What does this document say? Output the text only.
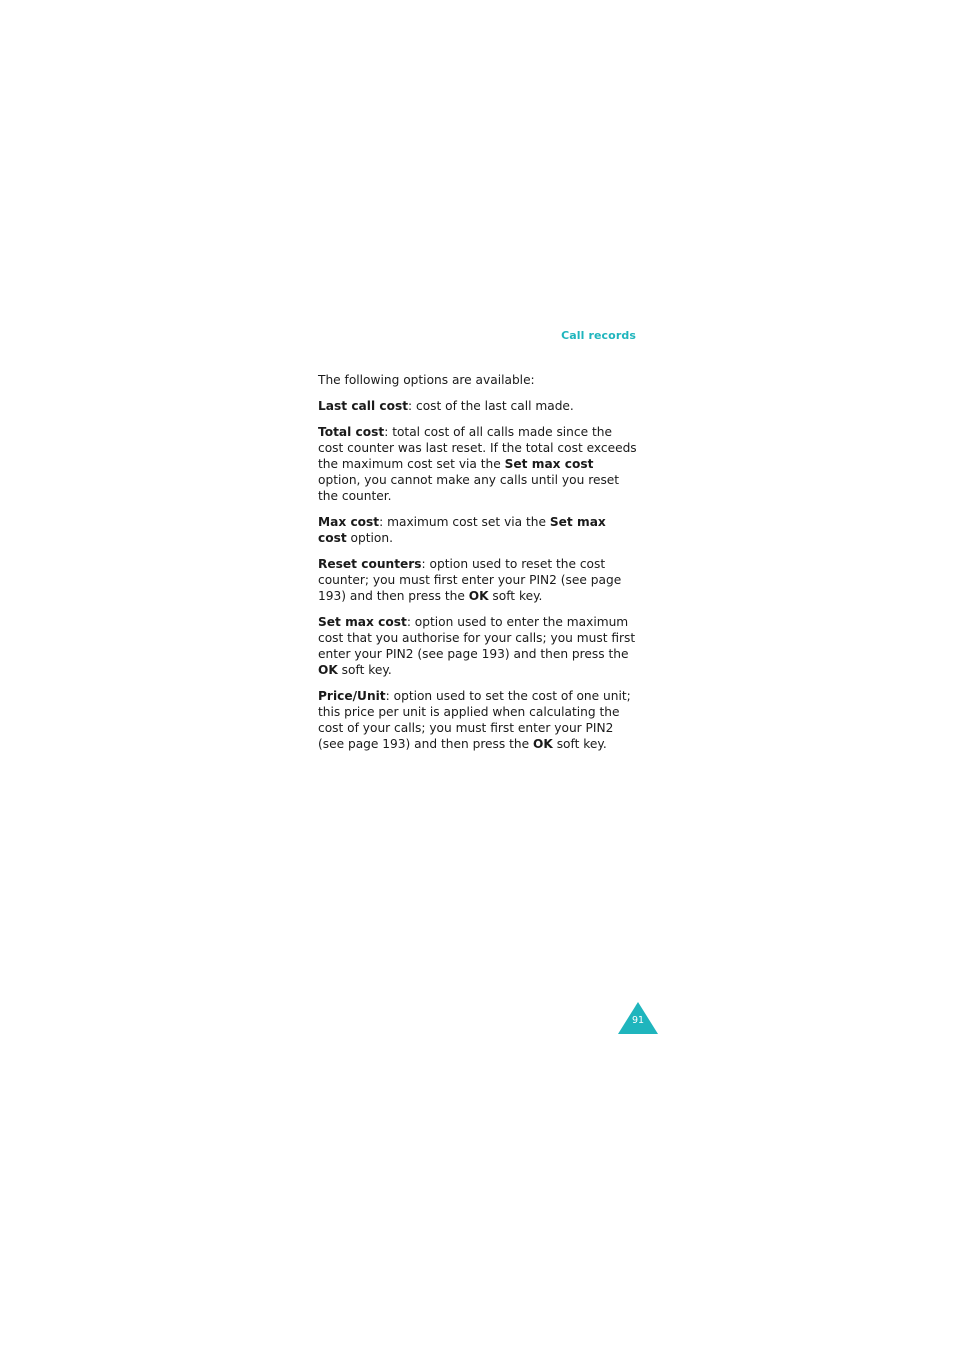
Call records

The following options are available:

Last call cost: cost of the last call made.

Total cost: total cost of all calls made since the cost counter was last reset. If the total cost exceeds the maximum cost set via the Set max cost option, you cannot make any calls until you reset the counter.

Max cost: maximum cost set via the Set max cost option.

Reset counters: option used to reset the cost counter; you must first enter your PIN2 (see page 193) and then press the OK soft key.

Set max cost: option used to enter the maximum cost that you authorise for your calls; you must first enter your PIN2 (see page 193) and then press the OK soft key.

Price/Unit: option used to set the cost of one unit; this price per unit is applied when calculating the cost of your calls; you must first enter your PIN2 (see page 193) and then press the OK soft key.

91
